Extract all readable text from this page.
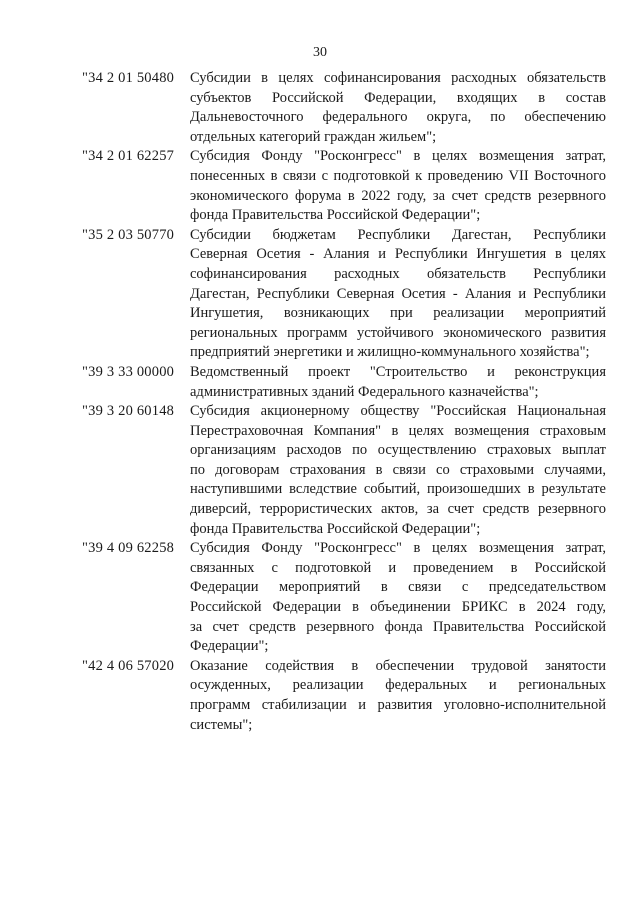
30
"34 2 01 50480	Субсидии в целях софинансирования расходных обязательств
субъектов Российской Федерации, входящих в состав
Дальневосточного федерального округа, по обеспечению
отдельных категорий граждан жильем";
"34 2 01 62257	Субсидия Фонду "Росконгресс" в целях возмещения затрат,
понесенных в связи с подготовкой к проведению VII Восточного
экономического форума в 2022 году, за счет средств резервного
фонда Правительства Российской Федерации";
"35 2 03 50770	Субсидии бюджетам Республики Дагестан, Республики
Северная Осетия - Алания и Республики Ингушетия в целях
софинансирования расходных обязательств Республики
Дагестан, Республики Северная Осетия - Алания и Республики
Ингушетия, возникающих при реализации мероприятий
региональных программ устойчивого экономического развития
предприятий энергетики и жилищно-коммунального хозяйства";
"39 3 33 00000	Ведомственный проект "Строительство и реконструкция
административных зданий Федерального казначейства";
"39 3 20 60148	Субсидия акционерному обществу "Российская Национальная
Перестраховочная Компания" в целях возмещения страховым
организациям расходов по осуществлению страховых выплат
по договорам страхования в связи со страховыми случаями,
наступившими вследствие событий, произошедших в результате
диверсий, террористических актов, за счет средств резервного
фонда Правительства Российской Федерации";
"39 4 09 62258	Субсидия Фонду "Росконгресс" в целях возмещения затрат,
связанных с подготовкой и проведением в Российской
Федерации мероприятий в связи с председательством
Российской Федерации в объединении БРИКС в 2024 году,
за счет средств резервного фонда Правительства Российской
Федерации";
"42 4 06 57020	Оказание содействия в обеспечении трудовой занятости
осужденных, реализации федеральных и региональных
программ стабилизации и развития уголовно-исполнительной
системы";
